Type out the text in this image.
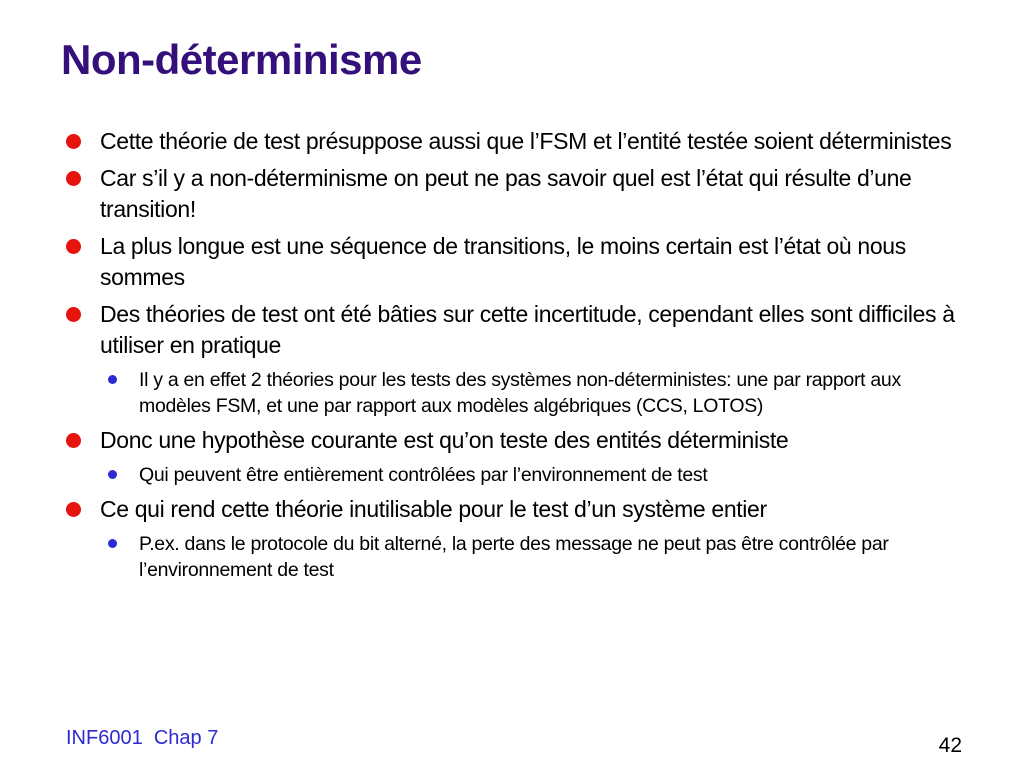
Non-déterminisme
Cette théorie de test présuppose aussi que l’FSM et l’entité testée soient déterministes
Car s’il y a non-déterminisme on peut ne pas savoir quel est l’état qui résulte d’une transition!
La plus longue est une séquence de transitions, le moins certain est l’état où nous sommes
Des théories de test ont été bâties sur cette incertitude, cependant elles sont difficiles à utiliser en pratique
Il y a en effet 2 théories pour les tests des systèmes non-déterministes: une par rapport aux modèles FSM, et une par rapport aux modèles algébriques (CCS, LOTOS)
Donc une hypothèse courante est qu’on teste des entités déterministe
Qui peuvent être entièrement contrôlées par l’environnement de test
Ce qui rend cette théorie inutilisable pour le test d’un système entier
P.ex. dans le protocole du bit alterné, la perte des message ne peut pas être contrôlée par l’environnement de test
INF6001  Chap 7	42
